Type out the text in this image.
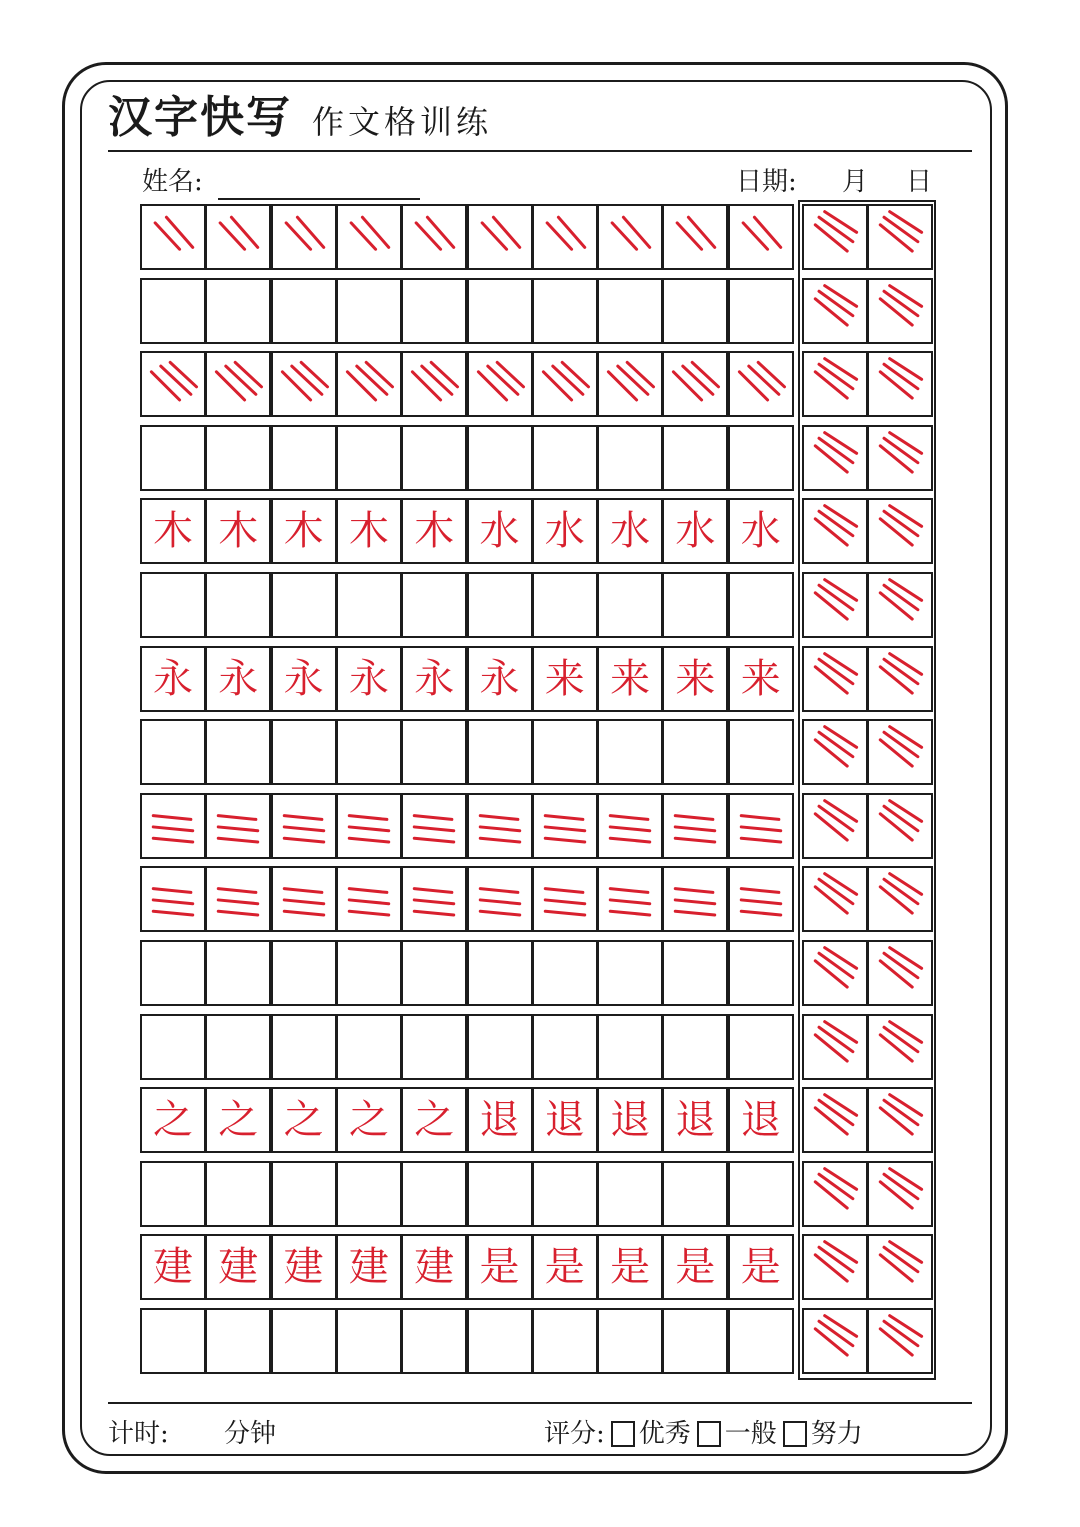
汉字快写 作文格训练
姓名:	日期: 月 日
木 木 木 木 木 水 水 水 水 水
永 永 永 永 永 永 来 来 来 来
之 之 之 之 之 退 退 退 退 退
建 建 建 建 建 是 是 是 是 是
计时: 分钟	评分: 优秀 一般 努力
